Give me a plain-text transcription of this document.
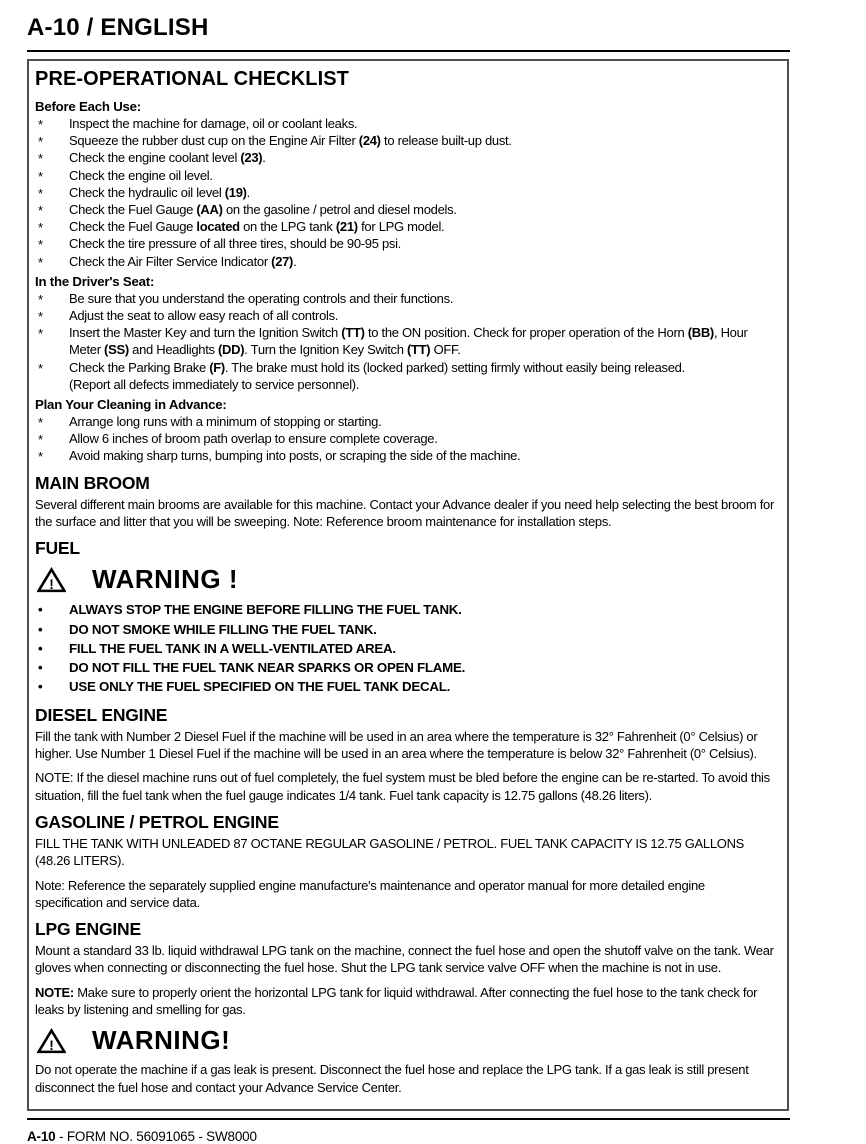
A-10 / ENGLISH
PRE-OPERATIONAL CHECKLIST
Before Each Use:
* Inspect the machine for damage, oil or coolant leaks.
* Squeeze the rubber dust cup on the Engine Air Filter (24) to release built-up dust.
* Check the engine coolant level (23).
* Check the engine oil level.
* Check the hydraulic oil level (19).
* Check the Fuel Gauge (AA) on the gasoline / petrol and diesel models.
* Check the Fuel Gauge located on the LPG tank (21) for LPG model.
* Check the tire pressure of all three tires, should be 90-95 psi.
* Check the Air Filter Service Indicator (27).
In the Driver's Seat:
* Be sure that you understand the operating controls and their functions.
* Adjust the seat to allow easy reach of all controls.
* Insert the Master Key and turn the Ignition Switch (TT) to the ON position. Check for proper operation of the Horn (BB), Hour Meter (SS) and Headlights (DD). Turn the Ignition Key Switch (TT) OFF.
* Check the Parking Brake (F). The brake must hold its (locked parked) setting firmly without easily being released.
(Report all defects immediately to service personnel).
Plan Your Cleaning in Advance:
* Arrange long runs with a minimum of stopping or starting.
* Allow 6 inches of broom path overlap to ensure complete coverage.
* Avoid making sharp turns, bumping into posts, or scraping the side of the machine.
MAIN BROOM
Several different main brooms are available for this machine. Contact your Advance dealer if you need help selecting the best broom for the surface and litter that you will be sweeping. Note: Reference broom maintenance for installation steps.
FUEL
! WARNING !
• ALWAYS STOP THE ENGINE BEFORE FILLING THE FUEL TANK.
• DO NOT SMOKE WHILE FILLING THE FUEL TANK.
• FILL THE FUEL TANK IN A WELL-VENTILATED AREA.
• DO NOT FILL THE FUEL TANK NEAR SPARKS OR OPEN FLAME.
• USE ONLY THE FUEL SPECIFIED ON THE FUEL TANK DECAL.
DIESEL ENGINE
Fill the tank with Number 2 Diesel Fuel if the machine will be used in an area where the temperature is 32° Fahrenheit (0° Celsius) or higher. Use Number 1 Diesel Fuel if the machine will be used in an area where the temperature is below 32° Fahrenheit (0° Celsius).
NOTE: If the diesel machine runs out of fuel completely, the fuel system must be bled before the engine can be re-started. To avoid this situation, fill the fuel tank when the fuel gauge indicates 1/4 tank. Fuel tank capacity is 12.75 gallons (48.26 liters).
GASOLINE / PETROL ENGINE
FILL THE TANK WITH UNLEADED 87 OCTANE REGULAR GASOLINE / PETROL. FUEL TANK CAPACITY IS 12.75 GALLONS (48.26 LITERS).
Note: Reference the separately supplied engine manufacture's maintenance and operator manual for more detailed engine specification and service data.
LPG ENGINE
Mount a standard 33 lb. liquid withdrawal LPG tank on the machine, connect the fuel hose and open the shutoff valve on the tank. Wear gloves when connecting or disconnecting the fuel hose. Shut the LPG tank service valve OFF when the machine is not in use.
NOTE: Make sure to properly orient the horizontal LPG tank for liquid withdrawal. After connecting the fuel hose to the tank check for leaks by listening and smelling for gas.
! WARNING!
Do not operate the machine if a gas leak is present. Disconnect the fuel hose and replace the LPG tank. If a gas leak is still present disconnect the fuel hose and contact your Advance Service Center.
A-10 - FORM NO. 56091065 - SW8000
